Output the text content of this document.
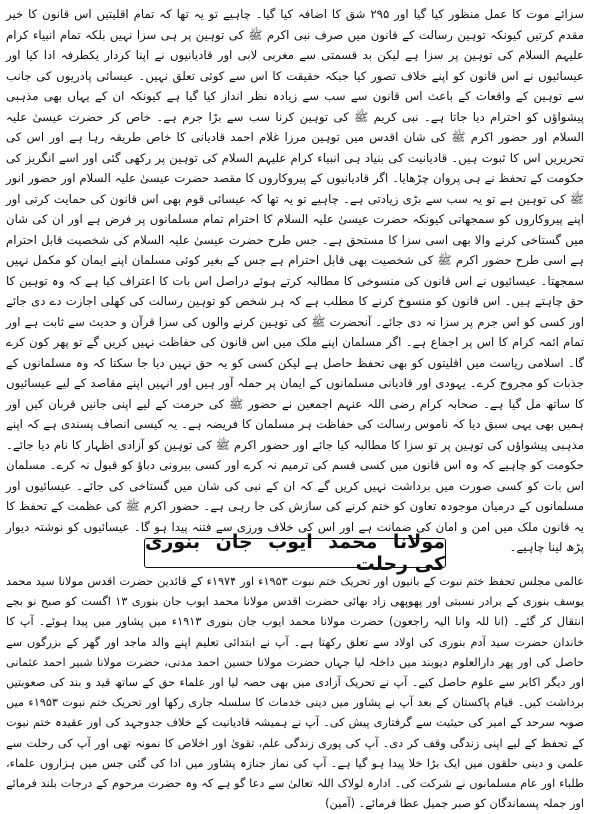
سزائے موت کا عمل منظور کیا گیا اور ۲۹۵ شق کا اضافہ کیا گیا۔ چاہیے تو یہ تھا کہ تمام اقلیتیں اس قانون کا خیر مقدم کرتیں کیونکہ توہین رسالت کے قانون میں صرف نبی اکرم ﷺ کی توہین پر ہی سزا نہیں بلکہ تمام انبیاء کرام علیہم السلام کی توہین پر سزا ہے لیکن بد قسمتی سے مغربی لابی اور قادیانیوں نے اپنا کردار یکطرفہ ادا کیا اور عیسائیوں نے اس قانون کو اپنے خلاف تصور کیا جبکہ حقیقت کا اس سے کوئی تعلق نہیں۔ عیسائی پادریوں کی جانب سے توہین کے واقعات کے باعث اس قانون سے سب سے زیادہ نظر انداز کیا گیا ہے کیونکہ ان کے یہاں بھی مذہبی پیشواؤں کو احترام دیا جاتا ہے۔ نبی کریم ﷺ کی توہین کرنا سب سے بڑا جرم ہے۔ خاص کر حضرت عیسیٰ علیہ السلام اور حضور اکرم ﷺ کی شان اقدس میں توہین مرزا غلام احمد قادیانی کا خاص طریقہ رہا ہے اور اس کی تحریریں اس کا ثبوت ہیں۔ قادیانیت کی بنیاد ہی انبیاء کرام علیہم السلام کی توہین پر رکھی گئی اور اسے انگریز کی حکومت کے تحفظ نے ہی پروان چڑھایا۔ اگر قادیانیوں کے پیروکاروں کا مقصد حضرت عیسیٰ علیہ السلام اور حضور انور ﷺ کی توہین ہے تو یہ سب سے بڑی زیادتی ہے۔ چاہیے تو یہ تھا کہ عیسائی قوم بھی اس قانون کی حمایت کرتی اور اپنے پیروکاروں کو سمجھاتی کیونکہ حضرت عیسیٰ علیہ السلام کا احترام تمام مسلمانوں پر فرض ہے اور ان کی شان میں گستاخی کرنے والا بھی اسی سزا کا مستحق ہے۔ جس طرح حضرت عیسیٰ علیہ السلام کی شخصیت قابل احترام ہے اسی طرح حضور اکرم ﷺ کی شخصیت بھی قابل احترام ہے جس کے بغیر کوئی مسلمان اپنے ایمان کو مکمل نہیں سمجھتا۔ عیسائیوں نے اس قانون کی منسوخی کا مطالبہ کرتے ہوئے دراصل اس بات کا اعتراف کیا ہے کہ وہ توہین کا حق چاہتے ہیں۔ اس قانون کو منسوخ کرنے کا مطلب ہے کہ ہر شخص کو توہین رسالت کی کھلی اجازت دے دی جائے اور کسی کو اس جرم پر سزا نہ دی جائے۔ آنحضرت ﷺ کی توہین کرنے والوں کی سزا قرآن و حدیث سے ثابت ہے اور تمام ائمہ کرام کا اس پر اجماع ہے۔ اگر مسلمان اپنے ملک میں اس قانون کی حفاظت نہیں کریں گے تو پھر کون کرے گا۔ اسلامی ریاست میں اقلیتوں کو بھی تحفظ حاصل ہے لیکن کسی کو یہ حق نہیں دیا جا سکتا کہ وہ مسلمانوں کے جذبات کو مجروح کرے۔ یہودی اور قادیانی مسلمانوں کے ایمان پر حملہ آور ہیں اور انہیں اپنے مقاصد کے لیے عیسائیوں کا ساتھ مل گیا ہے۔ صحابہ کرام رضی اللہ عنہم اجمعین نے حضور ﷺ کی حرمت کے لیے اپنی جانیں قربان کیں اور ہمیں بھی یہی سبق دیا کہ ناموس رسالت کی حفاظت ہر مسلمان کا فریضہ ہے۔ یہ کیسی انصاف پسندی ہے کہ اپنے مذہبی پیشواؤں کی توہین پر تو سزا کا مطالبہ کیا جائے اور حضور اکرم ﷺ کی توہین کو آزادی اظہار کا نام دیا جائے۔ حکومت کو چاہیے کہ وہ اس قانون میں کسی قسم کی ترمیم نہ کرے اور کسی بیرونی دباؤ کو قبول نہ کرے۔ مسلمان اس بات کو کسی صورت میں برداشت نہیں کریں گے کہ ان کے نبی کی شان میں گستاخی کی جائے۔ عیسائیوں اور مسلمانوں کے درمیان موجودہ تعاون کو ختم کرنے کی سازش کی جا رہی ہے۔ حضور اکرم ﷺ کی عظمت کے تحفظ کا یہ قانون ملک میں امن و امان کی ضمانت ہے اور اس کی خلاف ورزی سے فتنہ پیدا ہو گا۔ عیسائیوں کو نوشتہ دیوار پڑھ لینا چاہیے۔
مولانا محمد ایوب جان بنوری کی رحلت
عالمی مجلس تحفظ ختم نبوت کے بانیوں اور تحریک ختم نبوت ۱۹۵۳ء اور ۱۹۷۴ء کے قائدین حضرت اقدس مولانا سید محمد یوسف بنوری کے برادر نسبتی اور پھوپھی زاد بھائی حضرت اقدس مولانا محمد ایوب جان بنوری ۱۳ اگست کو صبح نو بجے انتقال کر گئے۔ (انا للہ وانا الیہ راجعون) حضرت مولانا محمد ایوب جان بنوری ۱۹۱۳ء میں پشاور میں پیدا ہوئے۔ آپ کا خاندان حضرت سید آدم بنوری کی اولاد سے تعلق رکھتا ہے۔ آپ نے ابتدائی تعلیم اپنے والد ماجد اور گھر کے بزرگوں سے حاصل کی اور پھر دارالعلوم دیوبند میں داخلہ لیا جہاں حضرت مولانا حسین احمد مدنی، حضرت مولانا شبیر احمد عثمانی اور دیگر اکابر سے علوم حاصل کیے۔ آپ نے تحریک آزادی میں بھی حصہ لیا اور علماء حق کے ساتھ قید و بند کی صعوبتیں برداشت کیں۔ قیام پاکستان کے بعد آپ نے پشاور میں دینی خدمات کا سلسلہ جاری رکھا اور تحریک ختم نبوت ۱۹۵۳ء میں صوبہ سرحد کے امیر کی حیثیت سے گرفتاری پیش کی۔ آپ نے ہمیشہ قادیانیت کے خلاف جدوجہد کی اور عقیدہ ختم نبوت کے تحفظ کے لیے اپنی زندگی وقف کر دی۔ آپ کی پوری زندگی علم، تقویٰ اور اخلاص کا نمونہ تھی اور آپ کی رحلت سے علمی و دینی حلقوں میں ایک بڑا خلا پیدا ہو گیا ہے۔ آپ کی نماز جنازہ پشاور میں ادا کی گئی جس میں ہزاروں علماء، طلباء اور عام مسلمانوں نے شرکت کی۔ ادارہ لولاک اللہ تعالیٰ سے دعا گو ہے کہ وہ حضرت مرحوم کے درجات بلند فرمائے اور جملہ پسماندگان کو صبر جمیل عطا فرمائے۔ (آمین)
